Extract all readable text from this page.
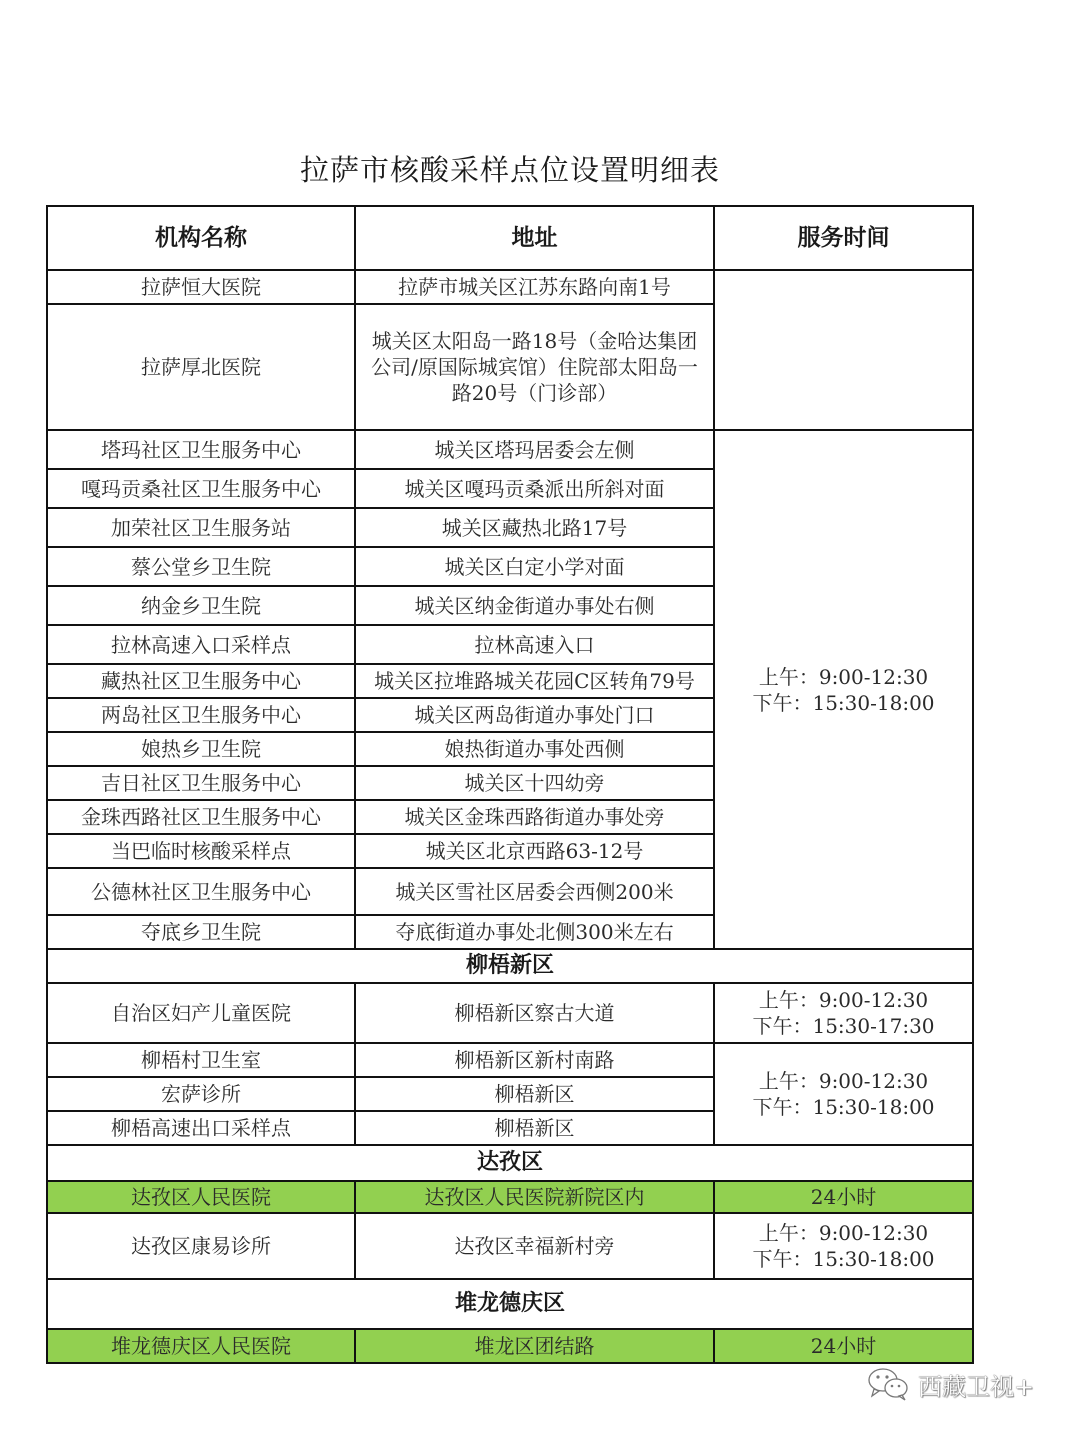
拉萨市核酸采样点位设置明细表
机构名称	地址	服务时间
拉萨恒大医院	拉萨市城关区江苏东路向南1号	
拉萨厚北医院	城关区太阳岛一路18号（金哈达集团公司/原国际城宾馆）住院部太阳岛一路20号（门诊部）	
塔玛社区卫生服务中心	城关区塔玛居委会左侧	上午：9:00-12:30
下午：15:30-18:00

嘎玛贡桑社区卫生服务中心	城关区嘎玛贡桑派出所斜对面	
加荣社区卫生服务站	城关区藏热北路17号	
蔡公堂乡卫生院	城关区白定小学对面	
纳金乡卫生院	城关区纳金街道办事处右侧	
拉林高速入口采样点	拉林高速入口	
藏热社区卫生服务中心	城关区拉堆路城关花园C区转角79号	
两岛社区卫生服务中心	城关区两岛街道办事处门口	
娘热乡卫生院	娘热街道办事处西侧	
吉日社区卫生服务中心	城关区十四幼旁	
金珠西路社区卫生服务中心	城关区金珠西路街道办事处旁	
当巴临时核酸采样点	城关区北京西路63-12号	
公德林社区卫生服务中心	城关区雪社区居委会西侧200米	
夺底乡卫生院	夺底街道办事处北侧300米左右	
柳梧新区		
自治区妇产儿童医院	柳梧新区察古大道	上午：9:00-12:30
下午：15:30-17:30

柳梧村卫生室	柳梧新区新村南路	上午：9:00-12:30
下午：15:30-18:00

宏萨诊所	柳梧新区	
柳梧高速出口采样点	柳梧新区	
达孜区		
达孜区人民医院	达孜区人民医院新院区内	24小时
达孜区康易诊所	达孜区幸福新村旁	上午：9:00-12:30
下午：15:30-18:00

堆龙德庆区		
堆龙德庆区人民医院	堆龙区团结路	24小时
西藏卫视+
